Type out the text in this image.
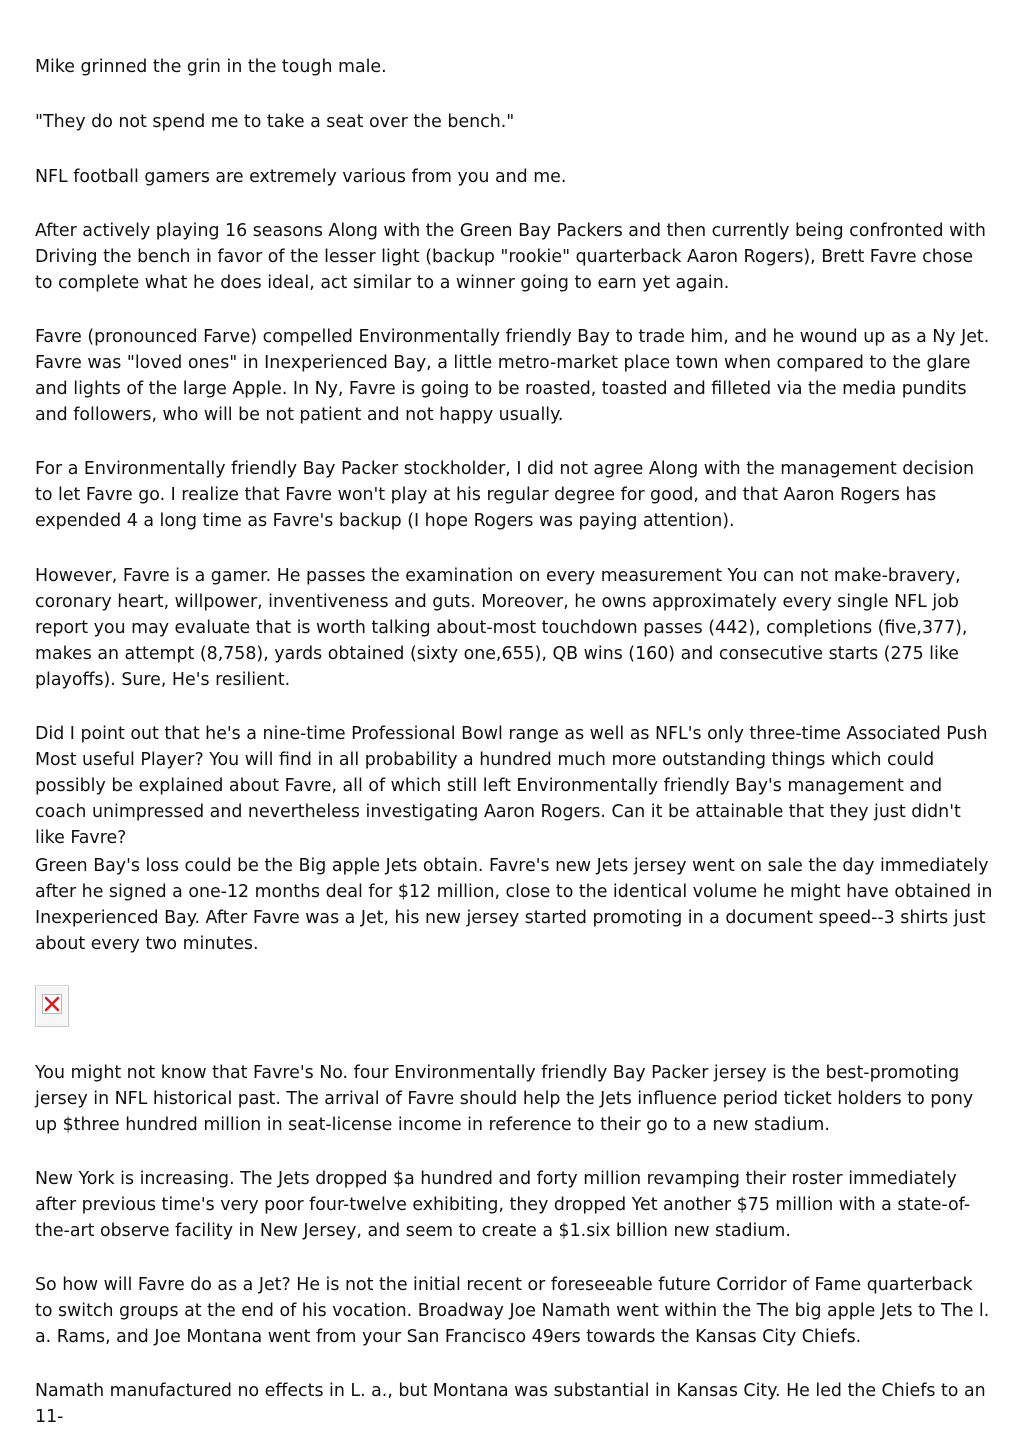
Mike grinned the grin in the tough male.

"They do not spend me to take a seat over the bench."

NFL football gamers are extremely various from you and me.

After actively playing 16 seasons Along with the Green Bay Packers and then currently being confronted with Driving the bench in favor of the lesser light (backup "rookie" quarterback Aaron Rogers), Brett Favre chose to complete what he does ideal, act similar to a winner going to earn yet again.

Favre (pronounced Farve) compelled Environmentally friendly Bay to trade him, and he wound up as a Ny Jet. Favre was "loved ones" in Inexperienced Bay, a little metro-market place town when compared to the glare and lights of the large Apple. In Ny, Favre is going to be roasted, toasted and filleted via the media pundits and followers, who will be not patient and not happy usually.

For a Environmentally friendly Bay Packer stockholder, I did not agree Along with the management decision to let Favre go. I realize that Favre won't play at his regular degree for good, and that Aaron Rogers has expended 4 a long time as Favre's backup (I hope Rogers was paying attention).

However, Favre is a gamer. He passes the examination on every measurement You can not make-bravery, coronary heart, willpower, inventiveness and guts. Moreover, he owns approximately every single NFL job report you may evaluate that is worth talking about-most touchdown passes (442), completions (five,377), makes an attempt (8,758), yards obtained (sixty one,655), QB wins (160) and consecutive starts (275 like playoffs). Sure, He's resilient.

Did I point out that he's a nine-time Professional Bowl range as well as NFL's only three-time Associated Push Most useful Player? You will find in all probability a hundred much more outstanding things which could possibly be explained about Favre, all of which still left Environmentally friendly Bay's management and coach unimpressed and nevertheless investigating Aaron Rogers. Can it be attainable that they just didn't like Favre?

Green Bay's loss could be the Big apple Jets obtain. Favre's new Jets jersey went on sale the day immediately after he signed a one-12 months deal for $12 million, close to the identical volume he might have obtained in Inexperienced Bay. After Favre was a Jet, his new jersey started promoting in a document speed--3 shirts just about every two minutes.

You might not know that Favre's No. four Environmentally friendly Bay Packer jersey is the best-promoting jersey in NFL historical past. The arrival of Favre should help the Jets influence period ticket holders to pony up $three hundred million in seat-license income in reference to their go to a new stadium.

New York is increasing. The Jets dropped $a hundred and forty million revamping their roster immediately after previous time's very poor four-twelve exhibiting, they dropped Yet another $75 million with a state-of-the-art observe facility in New Jersey, and seem to create a $1.six billion new stadium.

So how will Favre do as a Jet? He is not the initial recent or foreseeable future Corridor of Fame quarterback to switch groups at the end of his vocation. Broadway Joe Namath went within the The big apple Jets to The l. a. Rams, and Joe Montana went from your San Francisco 49ers towards the Kansas City Chiefs.

Namath manufactured no effects in L. a., but Montana was substantial in Kansas City. He led the Chiefs to an 11-
